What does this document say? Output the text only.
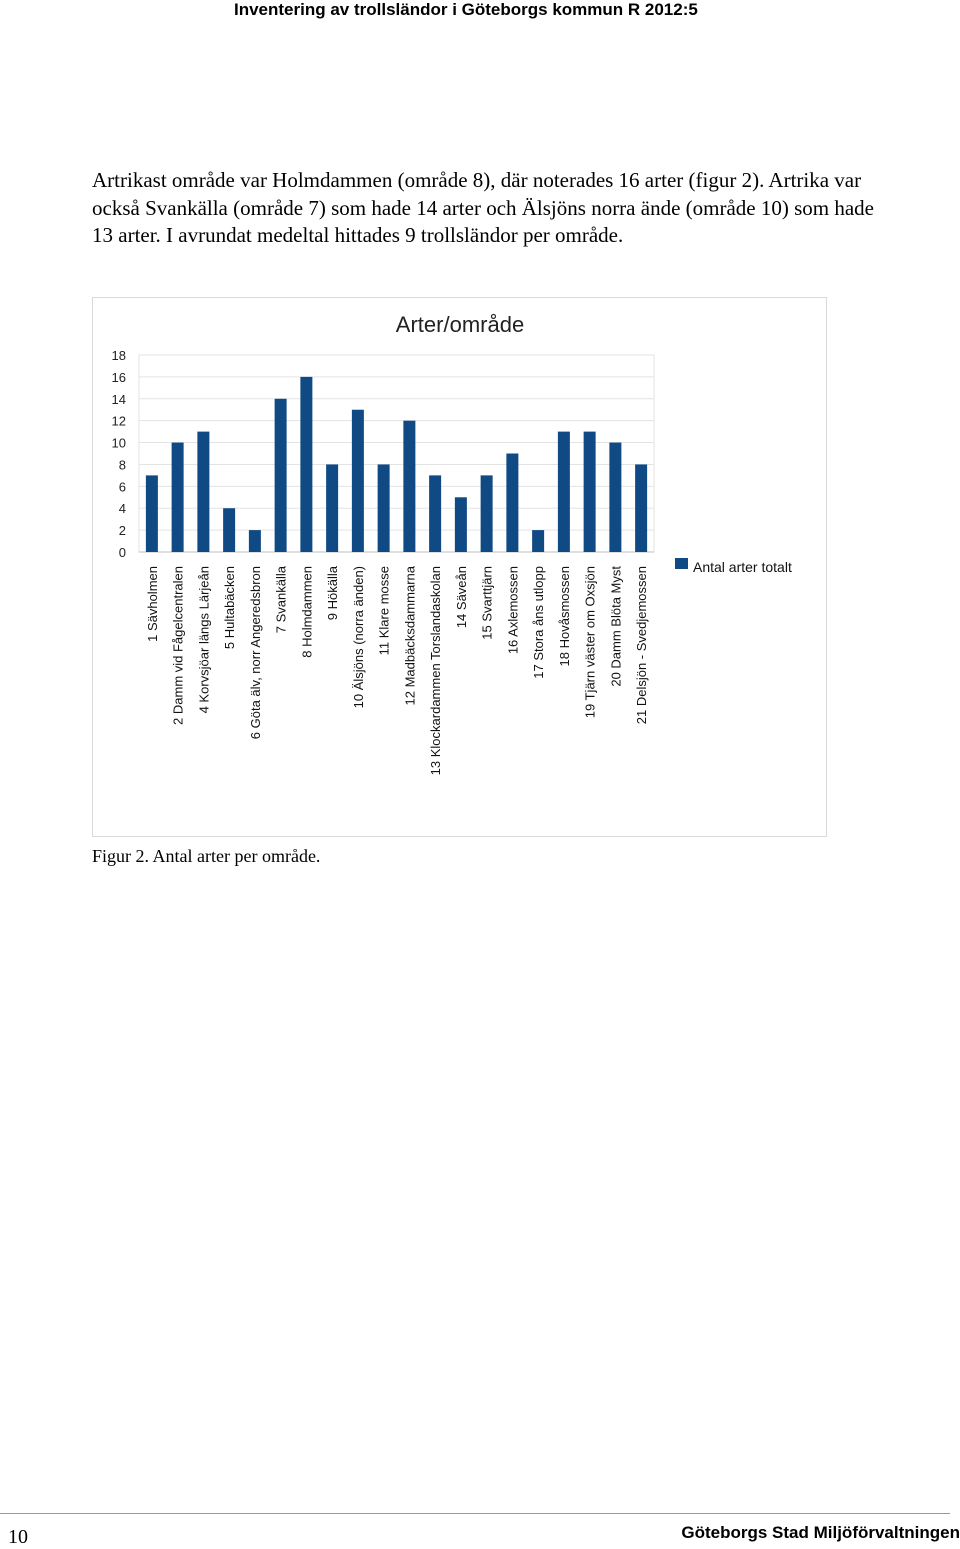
Inventering av trollsländor i Göteborgs kommun R 2012:5
Artrikast område var Holmdammen (område 8), där noterades 16 arter (figur 2). Artrika var också Svankälla (område 7) som hade 14 arter och Älsjöns norra ände (område 10) som hade 13 arter. I avrundat medeltal hittades 9 trollsländor per område.
0
2
4
6
8
10
12
14
16
18
Arter/område
1 Sävholmen 2 Damm vid Fågelcentralen 4 Korvsjöar längs Lärjeån 5 Hultabäcken 6 Göta älv, norr Angeredsbron 7 Svankälla 8 Holmdammen 9 Hökälla 10 Älsjöns (norra änden) 11 Klare mosse 12 Madbäcksdammarna 13 Klockardammen Torslandaskolan 14 Säveån 15 Svarttjärn 16 Axlemossen 17 Stora åns utlopp 18 Hovåsmossen 19 Tjärn väster om Oxsjön 20 Damm Blöta Myst 21 Delsjön - Svedjemossen	Antal arter totalt
Figur 2. Antal arter per område.
10	Göteborgs Stad Miljöförvaltningen
